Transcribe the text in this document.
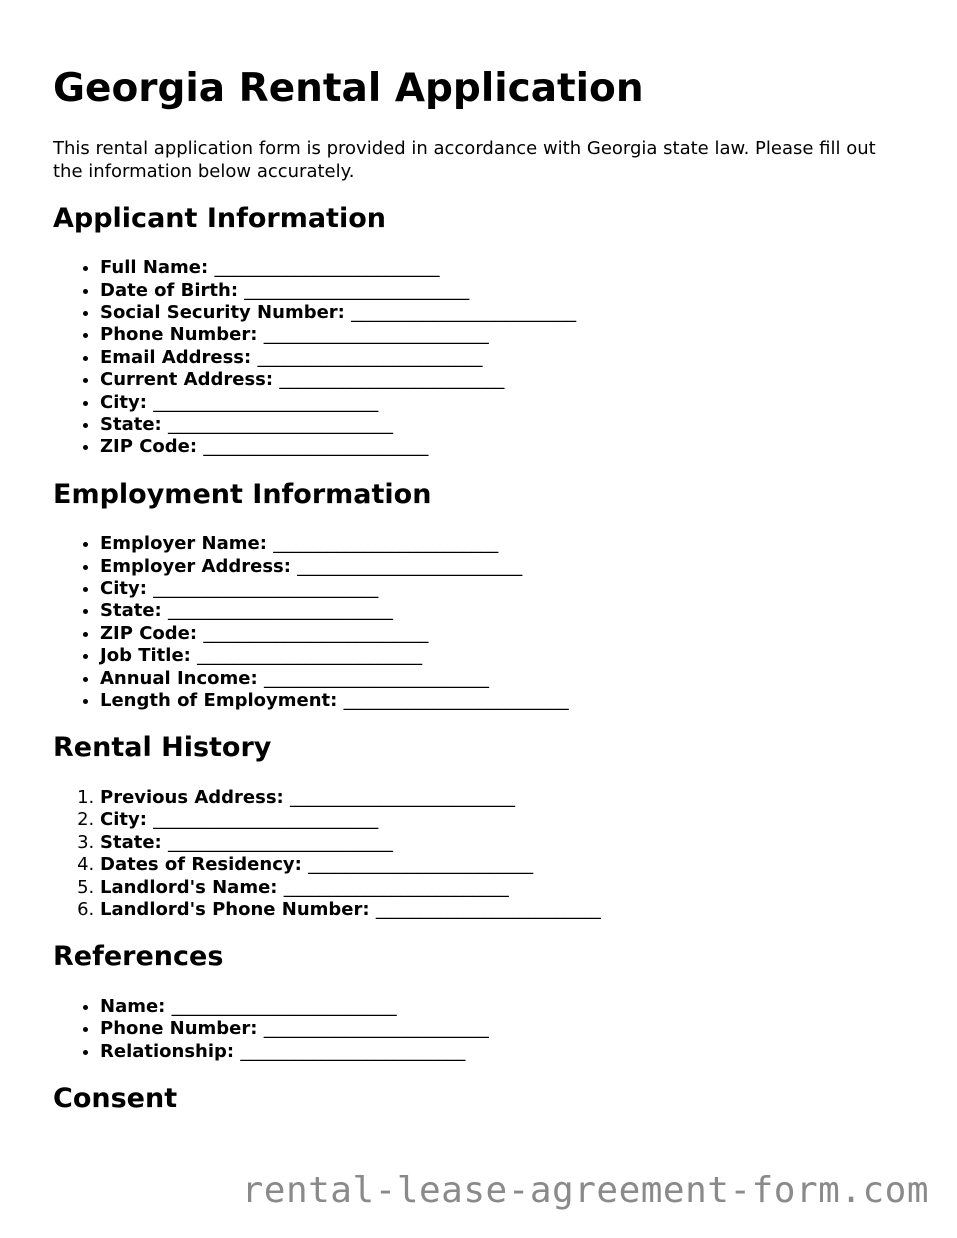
Georgia Rental Application

This rental application form is provided in accordance with Georgia state law. Please fill out the information below accurately.

Applicant Information
• Full Name: _________________________
• Date of Birth: _________________________
• Social Security Number: _________________________
• Phone Number: _________________________
• Email Address: _________________________
• Current Address: _________________________
• City: _________________________
• State: _________________________
• ZIP Code: _________________________
Employment Information
• Employer Name: _________________________
• Employer Address: _________________________
• City: _________________________
• State: _________________________
• ZIP Code: _________________________
• Job Title: _________________________
• Annual Income: _________________________
• Length of Employment: _________________________
Rental History
1. Previous Address: _________________________
2. City: _________________________
3. State: _________________________
4. Dates of Residency: _________________________
5. Landlord's Name: _________________________
6. Landlord's Phone Number: _________________________
References
• Name: _________________________
• Phone Number: _________________________
• Relationship: _________________________
Consent
rental-lease-agreement-form.com
